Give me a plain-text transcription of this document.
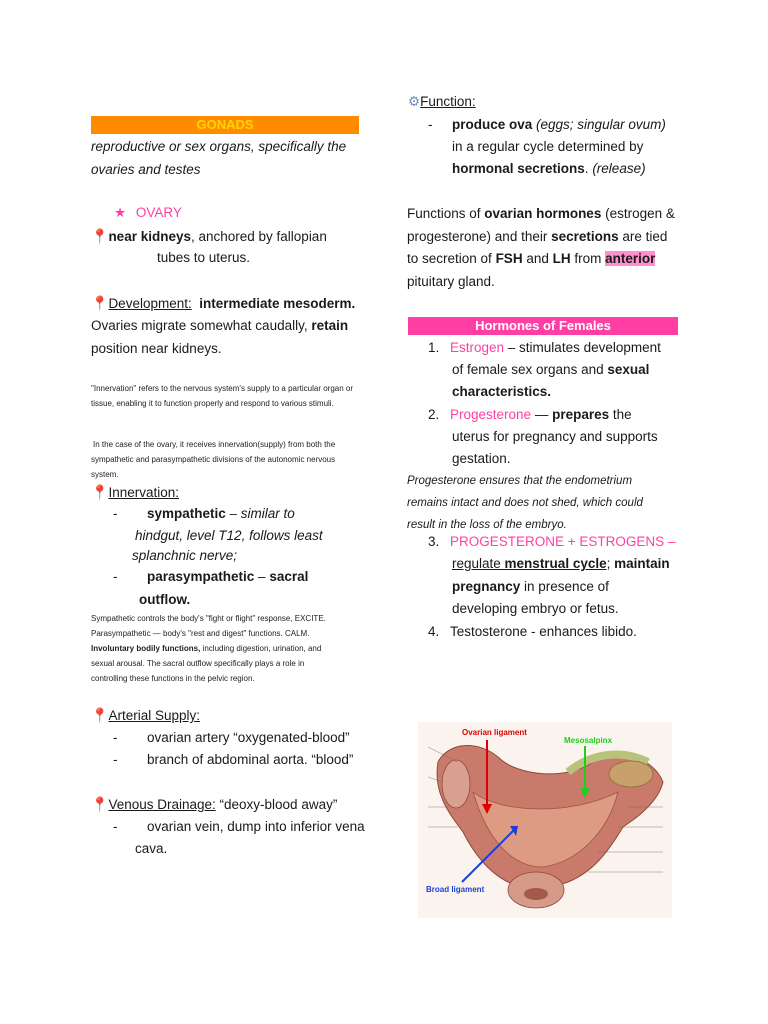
GONADS
reproductive or sex organs, specifically the ovaries and testes
★ OVARY
📍near kidneys, anchored by fallopian
tubes to uterus.
📍Development: intermediate mesoderm.
Ovaries migrate somewhat caudally, retain
position near kidneys.
"Innervation" refers to the nervous system's supply to a particular organ or tissue, enabling it to function properly and respond to various stimuli.
In the case of the ovary, it receives innervation(supply) from both the sympathetic and parasympathetic divisions of the autonomic nervous system.
📍Innervation:
- sympathetic – similar to
hindgut, level T12, follows least
splanchnic nerve;
- parasympathetic – sacral
outflow.
Sympathetic controls the body's "fight or flight" response, EXCITE.
Parasympathetic — body's "rest and digest" functions. CALM.
Involuntary bodily functions, including digestion, urination, and
sexual arousal. The sacral outflow specifically plays a role in
controlling these functions in the pelvic region.
📍Arterial Supply:
- ovarian artery “oxygenated-blood”
- branch of abdominal aorta. “blood”
📍Venous Drainage: “deoxy-blood away”
- ovarian vein, dump into inferior vena
cava.
⚙Function:
- produce ova (eggs; singular ovum)
in a regular cycle determined by
hormonal secretions. (release)
Functions of ovarian hormones (estrogen &
progesterone) and their secretions are tied
to secretion of FSH and LH from anterior
pituitary gland.
Hormones of Females
1. Estrogen – stimulates development
of female sex organs and sexual
characteristics.
2. Progesterone — prepares the
uterus for pregnancy and supports
gestation.
Progesterone ensures that the endometrium
remains intact and does not shed, which could
result in the loss of the embryo.
3. PROGESTERONE + ESTROGENS –
regulate menstrual cycle; maintain
pregnancy in presence of
developing embryo or fetus.
4. Testosterone - enhances libido.
Ovarian ligament
Mesosalpinx
Broad ligament
